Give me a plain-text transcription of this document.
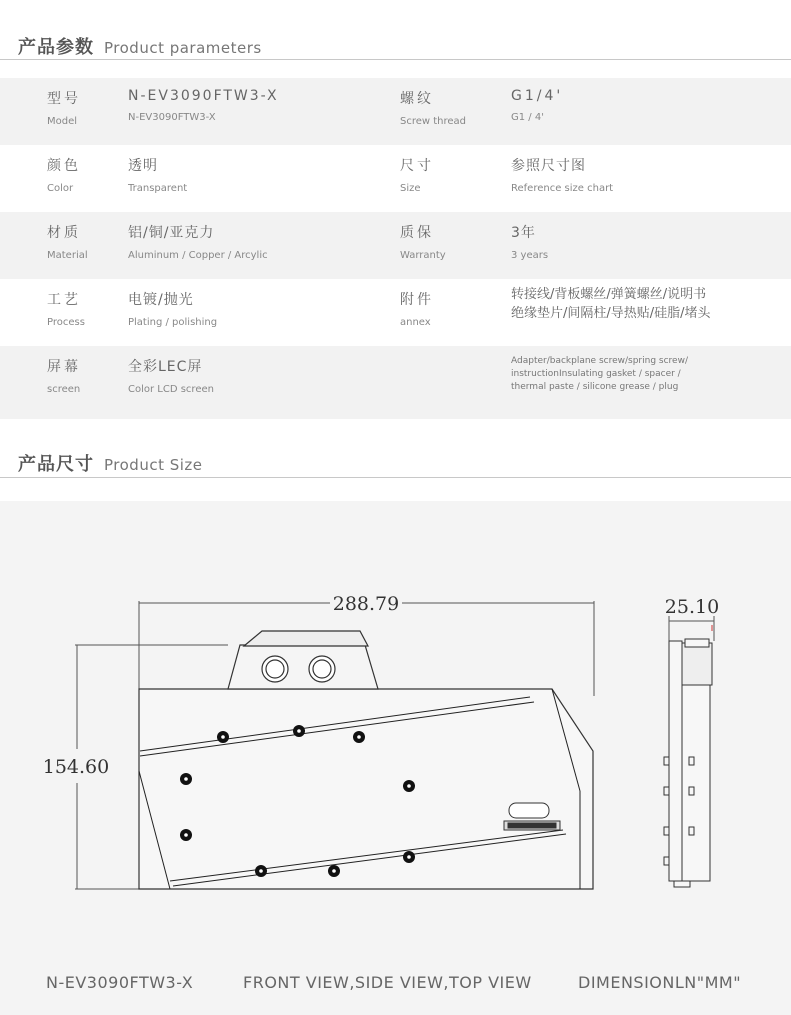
产品参数 Product parameters
型号
Model
N-EV3090FTW3-X
N-EV3090FTW3-X
螺纹
Screw thread
G1/4'
G1 / 4'
颜色
Color
透明
Transparent
尺寸
Size
参照尺寸图
Reference size chart
材质
Material
铝/铜/亚克力
Aluminum / Copper / Arcylic
质保
Warranty
3年
3 years
工艺
Process
电镀/抛光
Plating / polishing
附件
annex
转接线/背板螺丝/弹簧螺丝/说明书
绝缘垫片/间隔柱/导热贴/硅脂/堵头
屏幕
screen
全彩LEC屏
Color LCD screen
Adapter/backplane screw/spring screw/
instructionInsulating gasket / spacer /
thermal paste / silicone grease / plug
产品尺寸 Product Size
288.79
154.60
25.10
N-EV3090FTW3-X	FRONT VIEW,SIDE VIEW,TOP VIEW	DIMENSIONLN"MM"
